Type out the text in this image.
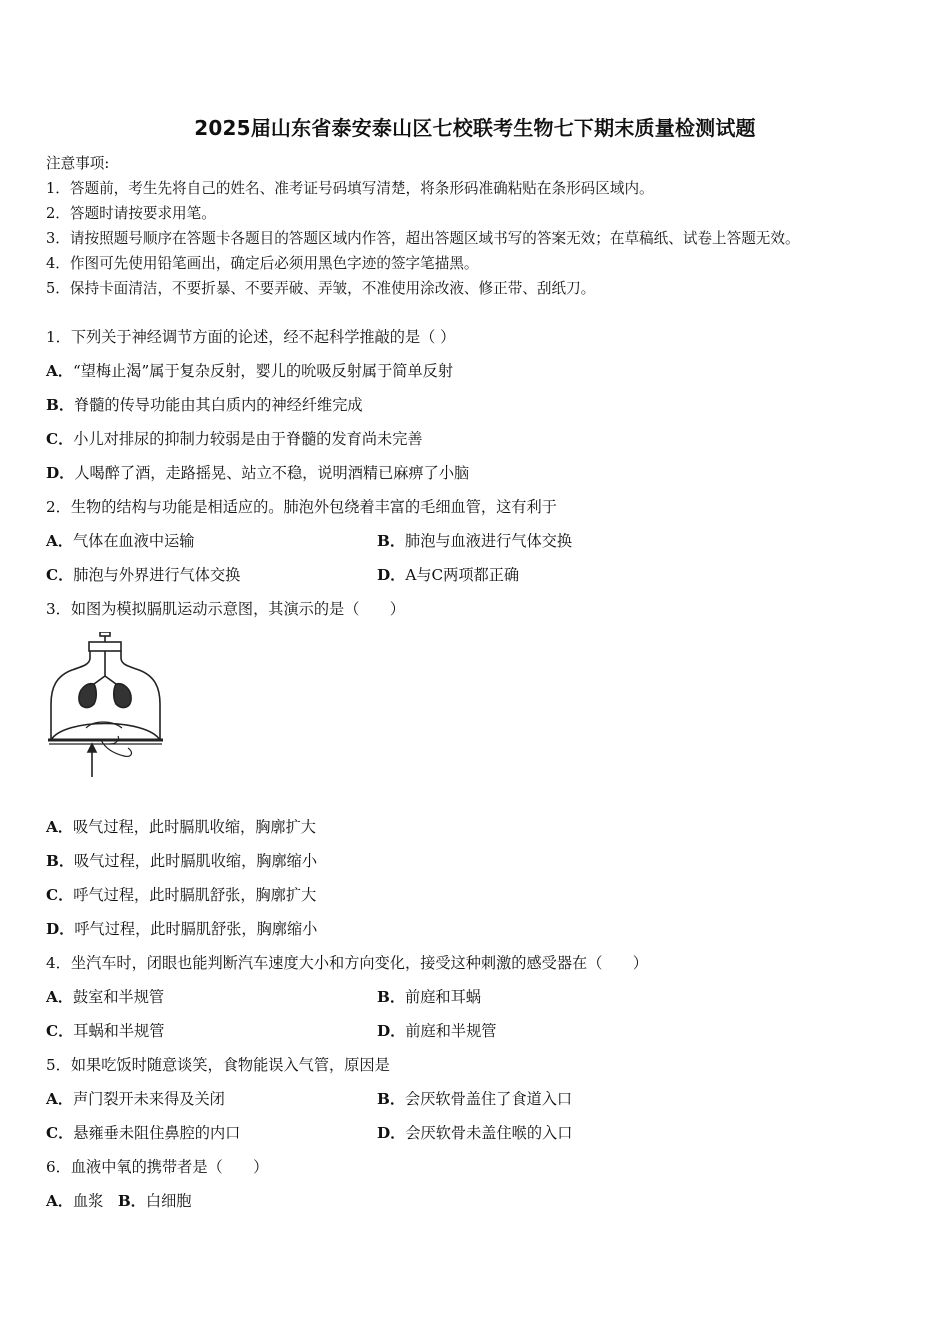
2025届山东省泰安泰山区七校联考生物七下期末质量检测试题
注意事项:
1．答题前，考生先将自己的姓名、准考证号码填写清楚，将条形码准确粘贴在条形码区域内。
2．答题时请按要求用笔。
3．请按照题号顺序在答题卡各题目的答题区域内作答，超出答题区域书写的答案无效；在草稿纸、试卷上答题无效。
4．作图可先使用铅笔画出，确定后必须用黑色字迹的签字笔描黑。
5．保持卡面清洁，不要折暴、不要弄破、弄皱，不准使用涂改液、修正带、刮纸刀。
1．下列关于神经调节方面的论述，经不起科学推敲的是（ ）
A．“望梅止渴”属于复杂反射，婴儿的吮吸反射属于简单反射
B．脊髓的传导功能由其白质内的神经纤维完成
C．小儿对排尿的抑制力较弱是由于脊髓的发育尚未完善
D．人喝醉了酒，走路摇晃、站立不稳，说明酒精已麻痹了小脑
2．生物的结构与功能是相适应的。肺泡外包绕着丰富的毛细血管，这有利于
A．气体在血液中运输	B．肺泡与血液进行气体交换
C．肺泡与外界进行气体交换	D．A与C两项都正确
3．如图为模拟膈肌运动示意图，其演示的是（　　）
A．吸气过程，此时膈肌收缩，胸廓扩大
B．吸气过程，此时膈肌收缩，胸廓缩小
C．呼气过程，此时膈肌舒张，胸廓扩大
D．呼气过程，此时膈肌舒张，胸廓缩小
4．坐汽车时，闭眼也能判断汽车速度大小和方向变化，接受这种刺激的感受器在（　　）
A．鼓室和半规管	B．前庭和耳蜗
C．耳蜗和半规管	D．前庭和半规管
5．如果吃饭时随意谈笑，食物能误入气管，原因是
A．声门裂开未来得及关闭	B．会厌软骨盖住了食道入口
C．悬雍垂未阻住鼻腔的内口	D．会厌软骨未盖住喉的入口
6．血液中氧的携带者是（　　）
A．血浆 B．白细胞
